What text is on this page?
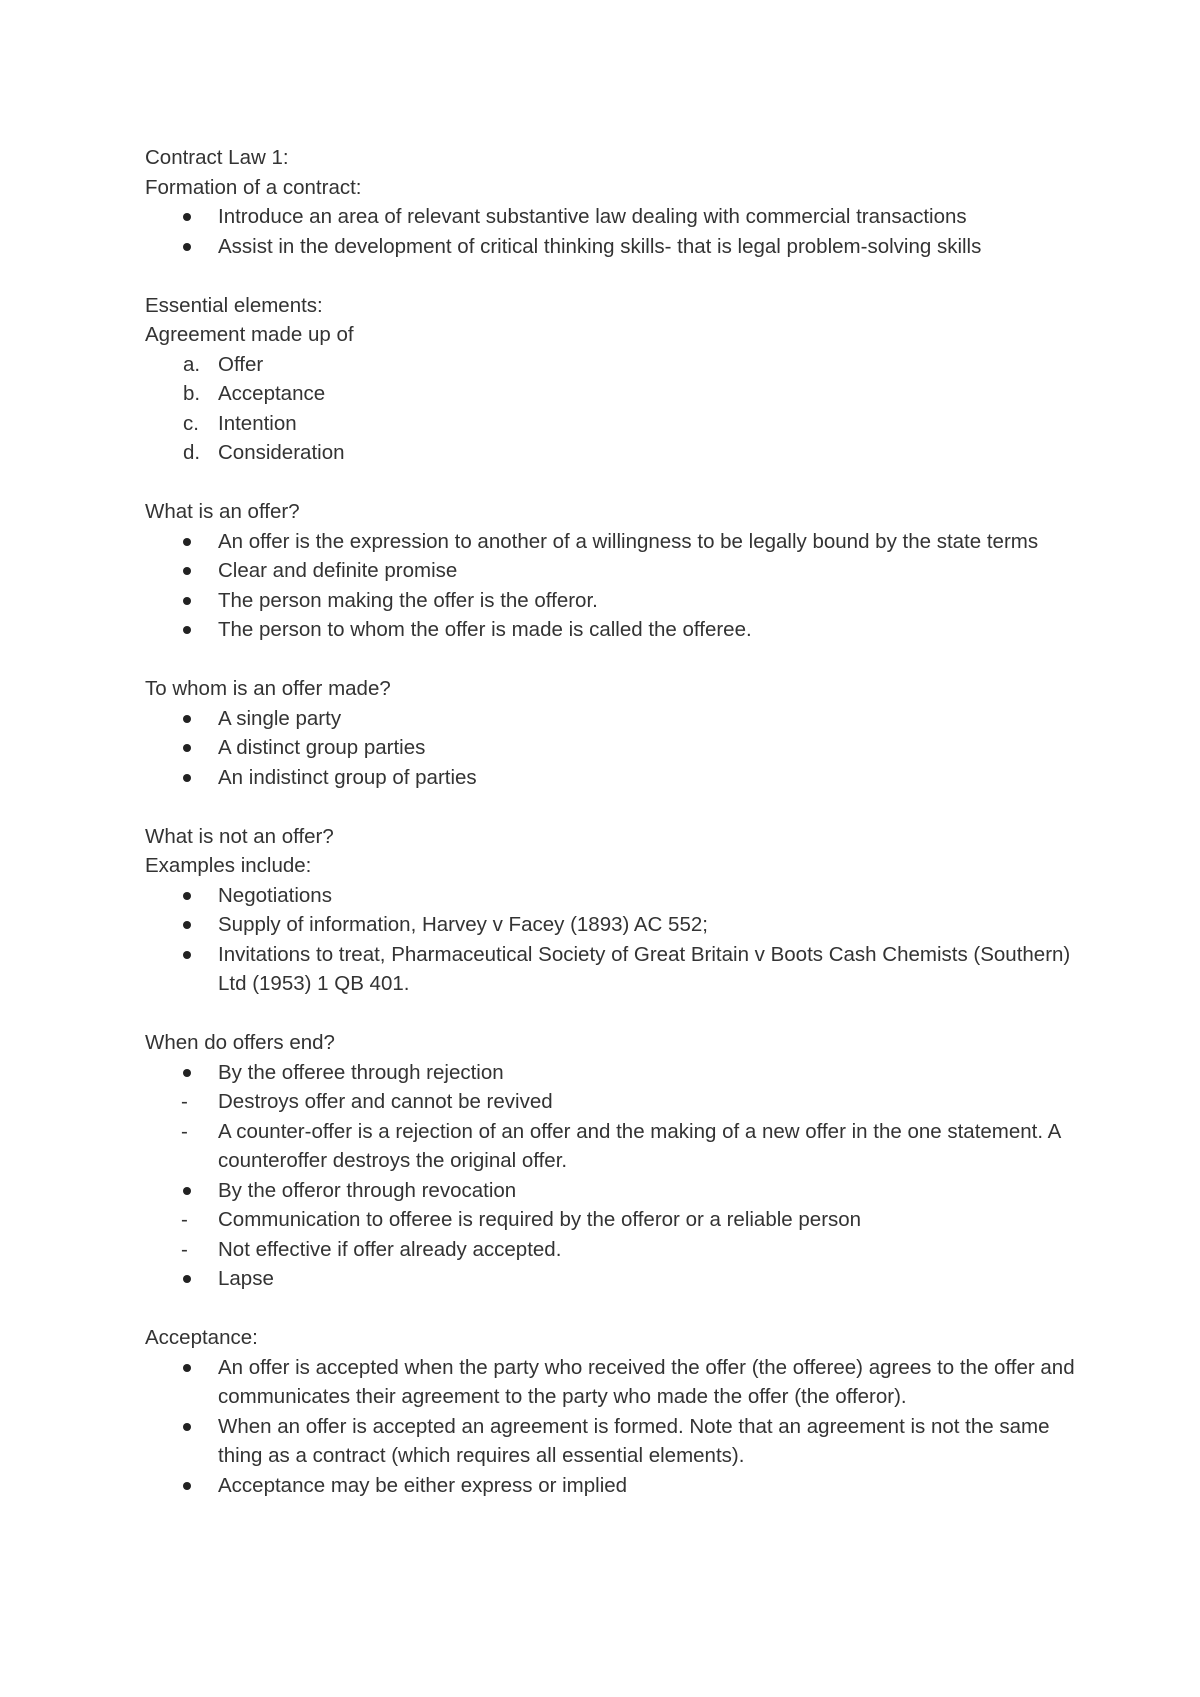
Contract Law 1:

Formation of a contract:

Introduce an area of relevant substantive law dealing with commercial transactions
Assist in the development of critical thinking skills- that is legal problem-solving skills

Essential elements:

Agreement made up of

a. Offer
b. Acceptance
c. Intention
d. Consideration

What is an offer?

An offer is the expression to another of a willingness to be legally bound by the state terms
Clear and definite promise
The person making the offer is the offeror.
The person to whom the offer is made is called the offeree.

To whom is an offer made?

A single party
A distinct group parties
An indistinct group of parties

What is not an offer?

Examples include:

Negotiations
Supply of information, Harvey v Facey (1893) AC 552;
Invitations to treat, Pharmaceutical Society of Great Britain v Boots Cash Chemists (Southern) Ltd (1953) 1 QB 401.

When do offers end?

By the offeree through rejection
- Destroys offer and cannot be revived
- A counter-offer is a rejection of an offer and the making of a new offer in the one statement. A counteroffer destroys the original offer.
By the offeror through revocation
- Communication to offeree is required by the offeror or a reliable person
- Not effective if offer already accepted.
Lapse

Acceptance:

An offer is accepted when the party who received the offer (the offeree) agrees to the offer and communicates their agreement to the party who made the offer (the offeror).
When an offer is accepted an agreement is formed. Note that an agreement is not the same thing as a contract (which requires all essential elements).
Acceptance may be either express or implied
